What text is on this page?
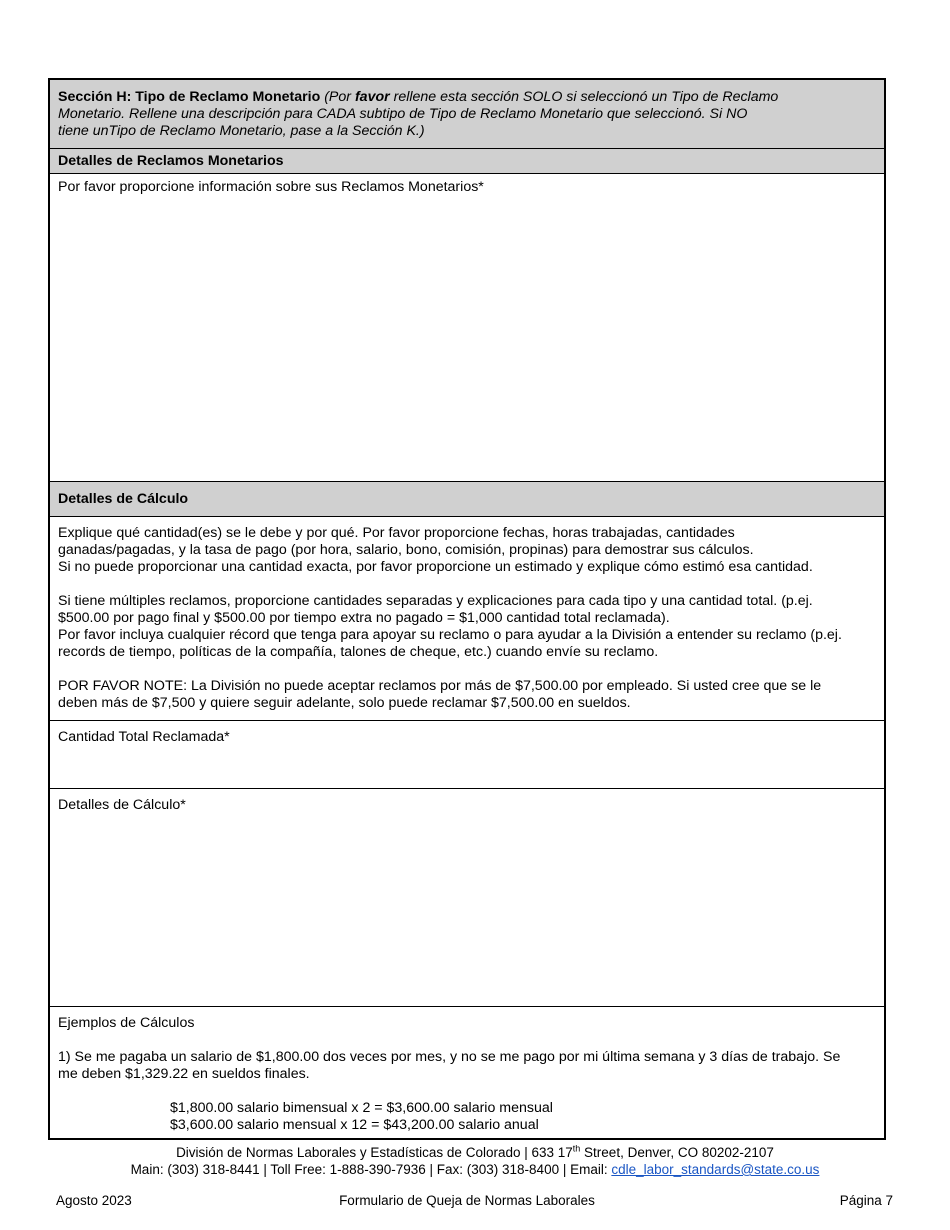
Sección H: Tipo de Reclamo Monetario (Por favor rellene esta sección SOLO si seleccionó un Tipo de Reclamo
Monetario. Rellene una descripción para CADA subtipo de Tipo de Reclamo Monetario que seleccionó. Si NO
tiene unTipo de Reclamo Monetario, pase a la Sección K.)
Detalles de Reclamos Monetarios
Por favor proporcione información sobre sus Reclamos Monetarios*
Detalles de Cálculo
Explique qué cantidad(es) se le debe y por qué. Por favor proporcione fechas, horas trabajadas, cantidades
ganadas/pagadas, y la tasa de pago (por hora, salario, bono, comisión, propinas) para demostrar sus cálculos.
Si no puede proporcionar una cantidad exacta, por favor proporcione un estimado y explique cómo estimó esa cantidad.

Si tiene múltiples reclamos, proporcione cantidades separadas y explicaciones para cada tipo y una cantidad total. (p.ej.
$500.00 por pago final y $500.00 por tiempo extra no pagado = $1,000 cantidad total reclamada).
Por favor incluya cualquier récord que tenga para apoyar su reclamo o para ayudar a la División a entender su reclamo (p.ej.
records de tiempo, políticas de la compañía, talones de cheque, etc.) cuando envíe su reclamo.

POR FAVOR NOTE: La División no puede aceptar reclamos por más de $7,500.00 por empleado. Si usted cree que se le
deben más de $7,500 y quiere seguir adelante, solo puede reclamar $7,500.00 en sueldos.
Cantidad Total Reclamada*
Detalles de Cálculo*
Ejemplos de Cálculos

1) Se me pagaba un salario de $1,800.00 dos veces por mes, y no se me pago por mi última semana y 3 días de trabajo. Se
me deben $1,329.22 en sueldos finales.

$1,800.00 salario bimensual x 2 = $3,600.00 salario mensual
$3,600.00 salario mensual x 12 = $43,200.00 salario anual
División de Normas Laborales y Estadísticas de Colorado | 633 17th Street, Denver, CO 80202-2107
Main: (303) 318-8441 | Toll Free: 1-888-390-7936 | Fax: (303) 318-8400 | Email: cdle_labor_standards@state.co.us
Agosto 2023	Formulario de Queja de Normas Laborales	Página 7
